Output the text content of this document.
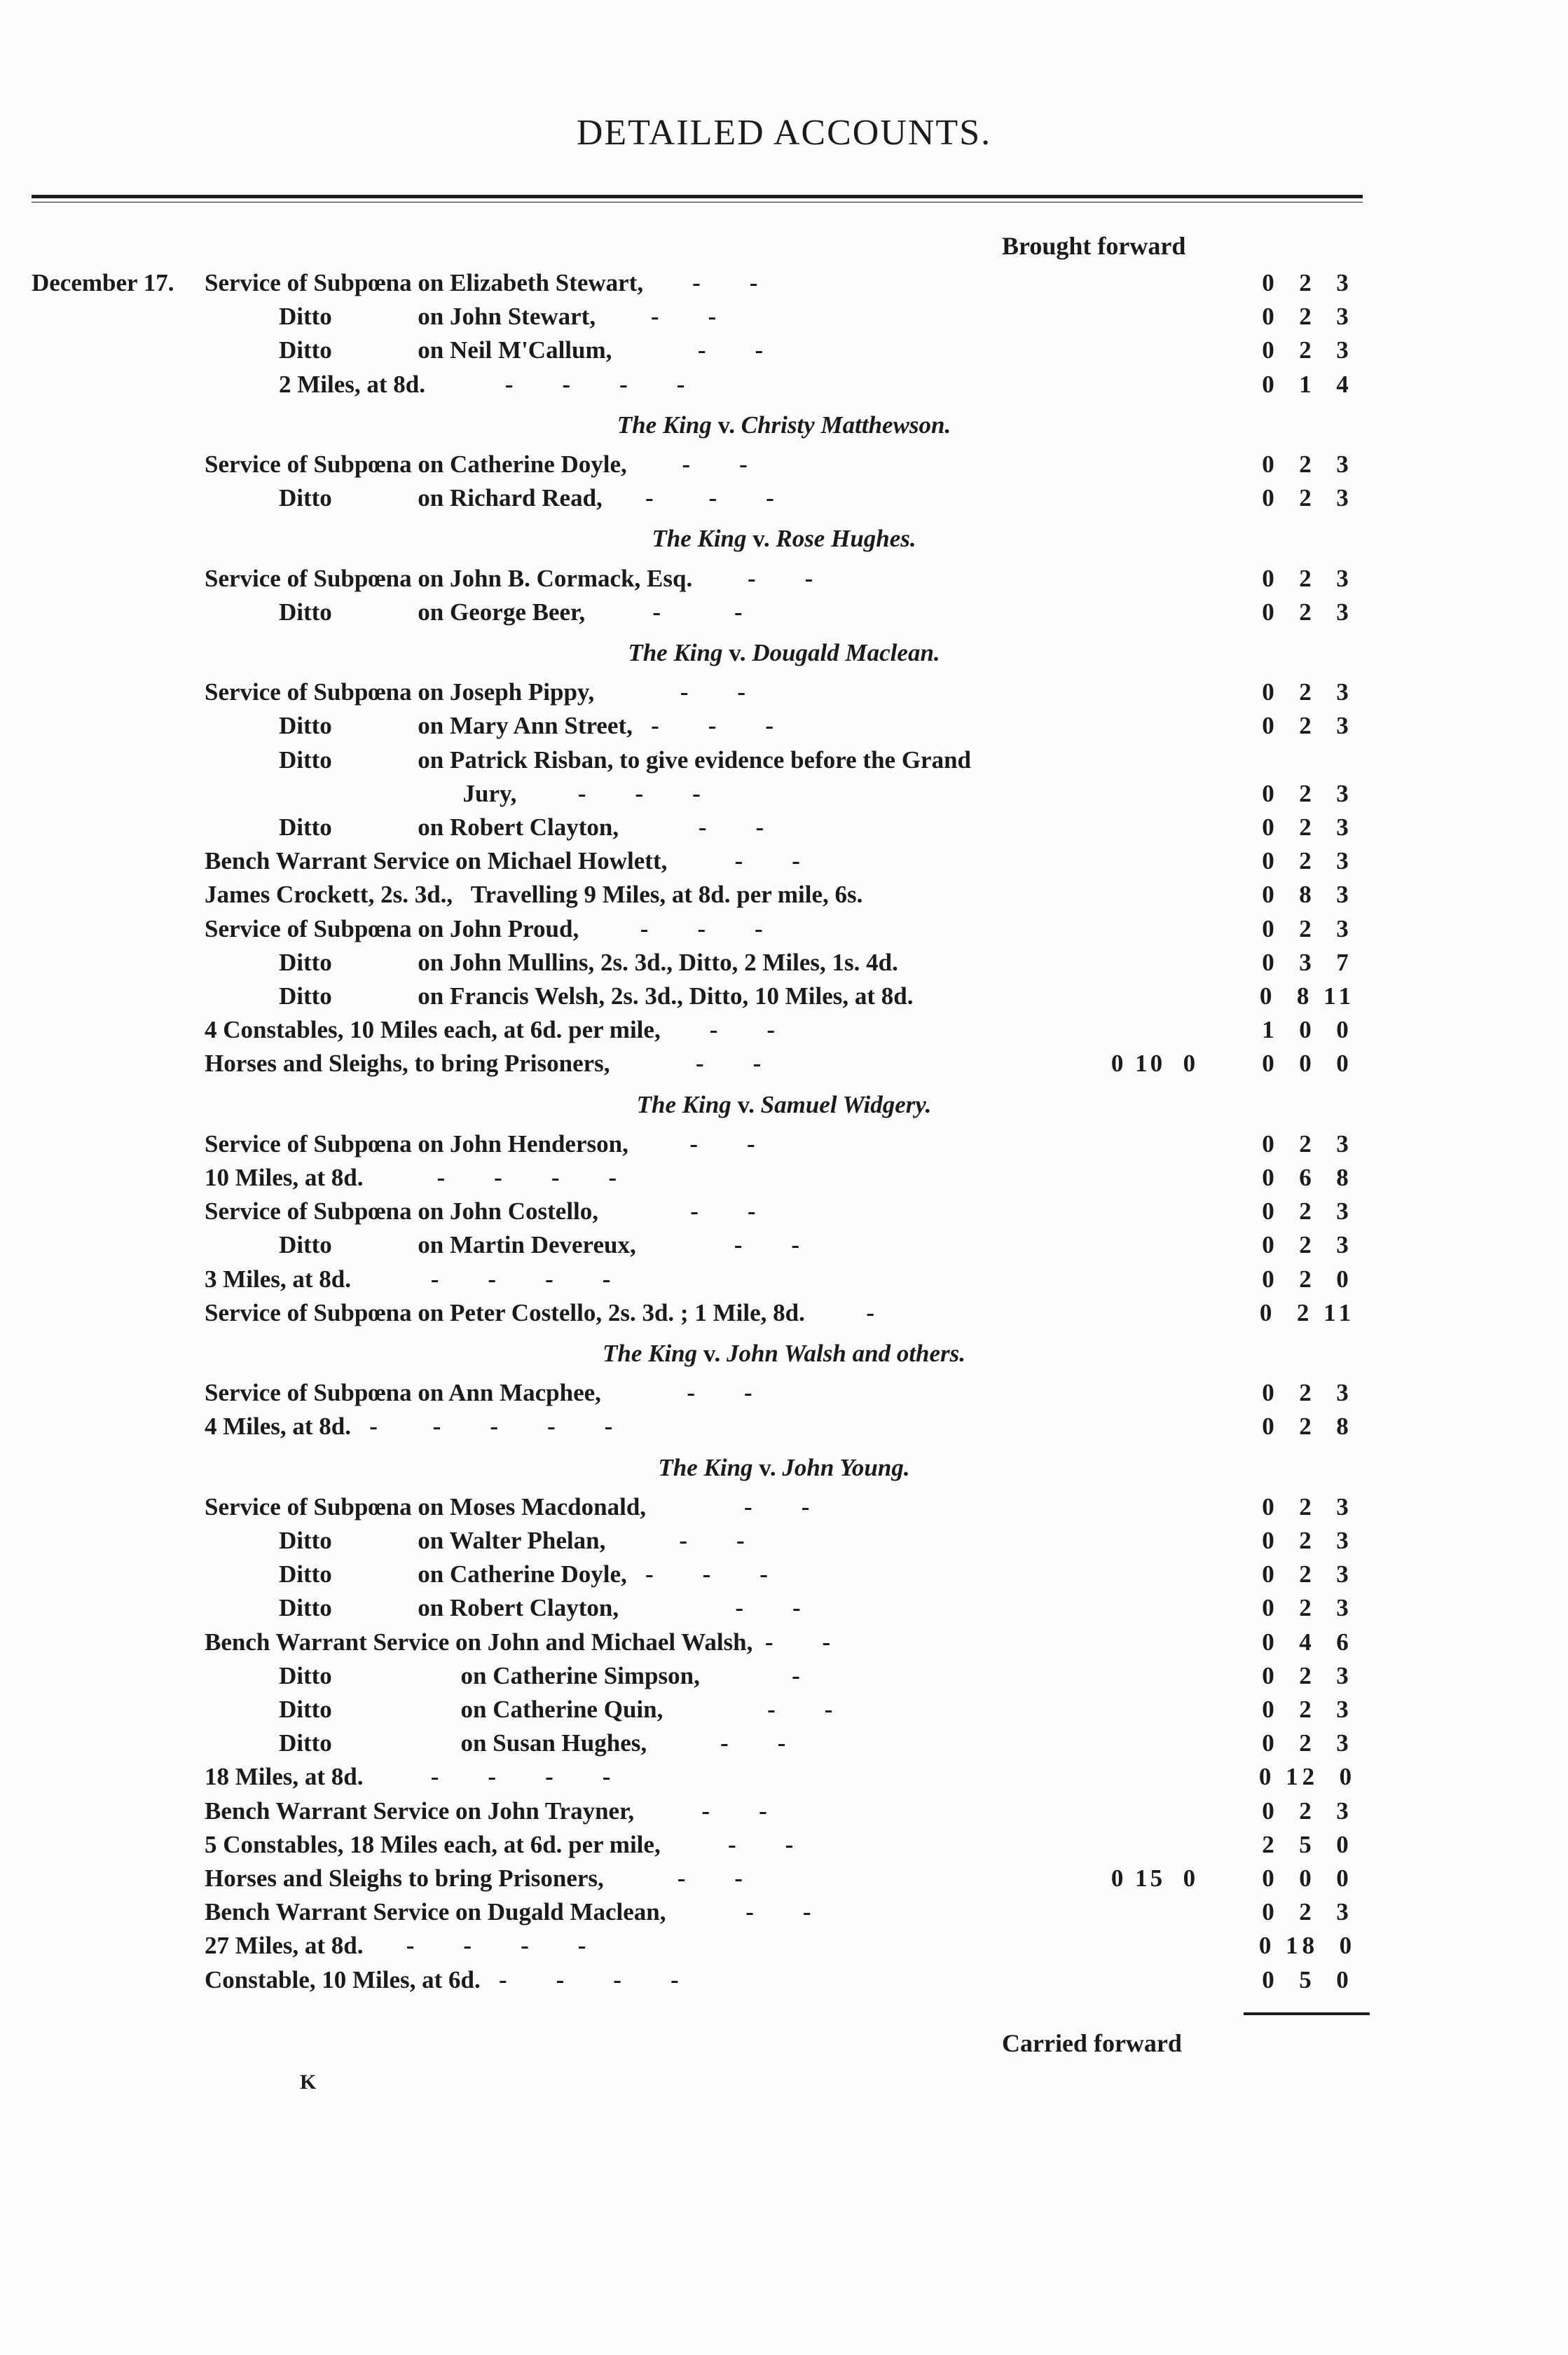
DETAILED ACCOUNTS.
Brought forward
December 17. Service of Subpœna on Elizabeth Stewart,        -        -	0  2  3
Ditto              on John Stewart,         -        -	0  2  3
Ditto              on Neil M'Callum,              -        -	0  2  3
2 Miles, at 8d.             -        -        -        -	0  1  4
The King v. Christy Matthewson.
Service of Subpœna on Catherine Doyle,         -        -	0  2  3
Ditto              on Richard Read,       -         -        -	0  2  3
The King v. Rose Hughes.
Service of Subpœna on John B. Cormack, Esq.         -        -	0  2  3
Ditto              on George Beer,           -            -	0  2  3
The King v. Dougald Maclean.
Service of Subpœna on Joseph Pippy,              -        -	0  2  3
Ditto              on Mary Ann Street,   -        -        -	0  2  3
Ditto              on Patrick Risban, to give evidence before the Grand
Jury,          -        -        -	0  2  3
Ditto              on Robert Clayton,             -        -	0  2  3
Bench Warrant Service on Michael Howlett,           -        -	0  2  3
James Crockett, 2s. 3d.,   Travelling 9 Miles, at 8d. per mile, 6s.	0  8  3
Service of Subpœna on John Proud,          -        -        -	0  2  3
Ditto              on John Mullins, 2s. 3d., Ditto, 2 Miles, 1s. 4d.	0  3  7
Ditto              on Francis Welsh, 2s. 3d., Ditto, 10 Miles, at 8d.	0  8 11
4 Constables, 10 Miles each, at 6d. per mile,        -        -	1  0  0
Horses and Sleighs, to bring Prisoners,              -        -	0 10  0	0  0  0
The King v. Samuel Widgery.
Service of Subpœna on John Henderson,          -        -	0  2  3
10 Miles, at 8d.            -        -        -        -	0  6  8
Service of Subpœna on John Costello,               -        -	0  2  3
Ditto              on Martin Devereux,                -        -	0  2  3
3 Miles, at 8d.             -        -        -        -	0  2  0
Service of Subpœna on Peter Costello, 2s. 3d. ; 1 Mile, 8d.          -	0  2 11
The King v. John Walsh and others.
Service of Subpœna on Ann Macphee,              -        -	0  2  3
4 Miles, at 8d.   -         -        -        -        -	0  2  8
The King v. John Young.
Service of Subpœna on Moses Macdonald,                -        -	0  2  3
Ditto              on Walter Phelan,            -        -	0  2  3
Ditto              on Catherine Doyle,   -        -        -	0  2  3
Ditto              on Robert Clayton,                   -        -	0  2  3
Bench Warrant Service on John and Michael Walsh,  -        -	0  4  6
Ditto                     on Catherine Simpson,               -	0  2  3
Ditto                     on Catherine Quin,                 -        -	0  2  3
Ditto                     on Susan Hughes,            -        -	0  2  3
18 Miles, at 8d.           -        -        -        -	0 12  0
Bench Warrant Service on John Trayner,           -        -	0  2  3
5 Constables, 18 Miles each, at 6d. per mile,           -        -	2  5  0
Horses and Sleighs to bring Prisoners,            -        -	0 15  0	0  0  0
Bench Warrant Service on Dugald Maclean,             -        -	0  2  3
27 Miles, at 8d.       -        -        -        -	0 18  0
Constable, 10 Miles, at 6d.   -        -        -        -	0  5  0
Carried forward
K
